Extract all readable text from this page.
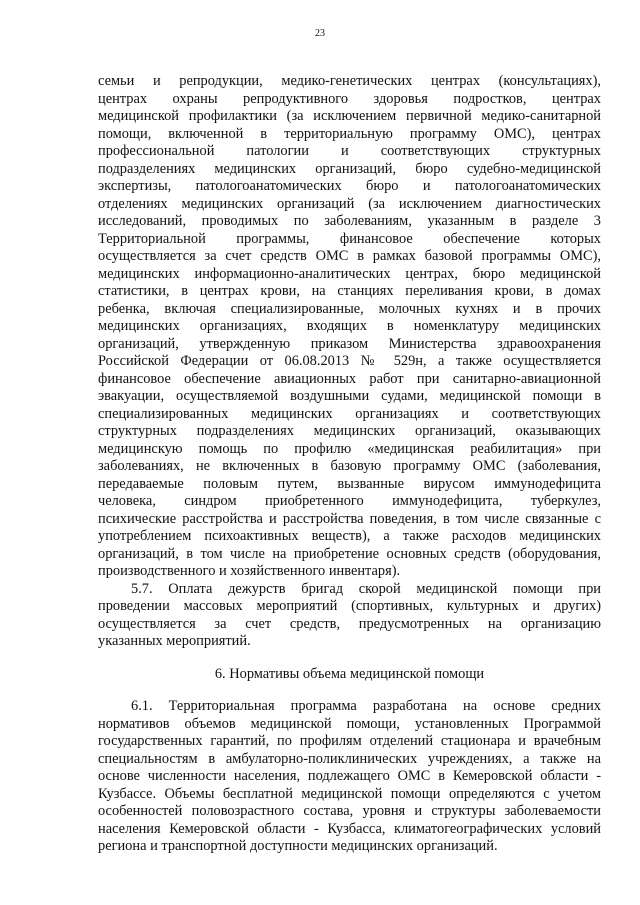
23
семьи и репродукции, медико-генетических центрах (консультациях),
центрах охраны репродуктивного здоровья подростков, центрах
медицинской профилактики (за исключением первичной медико-санитарной
помощи, включенной в территориальную программу ОМС), центрах
профессиональной патологии и соответствующих структурных
подразделениях медицинских организаций, бюро судебно-медицинской
экспертизы, патологоанатомических бюро и патологоанатомических
отделениях медицинских организаций (за исключением диагностических
исследований, проводимых по заболеваниям, указанным в разделе 3
Территориальной программы, финансовое обеспечение которых
осуществляется за счет средств ОМС в рамках базовой программы ОМС),
медицинских информационно-аналитических центрах, бюро медицинской
статистики, в центрах крови, на станциях переливания крови, в домах
ребенка, включая специализированные, молочных кухнях и в прочих
медицинских организациях, входящих в номенклатуру медицинских
организаций, утвержденную приказом Министерства здравоохранения
Российской Федерации от 06.08.2013 № 529н, а также осуществляется
финансовое обеспечение авиационных работ при санитарно-авиационной
эвакуации, осуществляемой воздушными судами, медицинской помощи в
специализированных медицинских организациях и соответствующих
структурных подразделениях медицинских организаций, оказывающих
медицинскую помощь по профилю «медицинская реабилитация» при
заболеваниях, не включенных в базовую программу ОМС (заболевания,
передаваемые половым путем, вызванные вирусом иммунодефицита
человека, синдром приобретенного иммунодефицита, туберкулез,
психические расстройства и расстройства поведения, в том числе связанные с
употреблением психоактивных веществ), а также расходов медицинских
организаций, в том числе на приобретение основных средств (оборудования,
производственного и хозяйственного инвентаря).
5.7. Оплата дежурств бригад скорой медицинской помощи при
проведении массовых мероприятий (спортивных, культурных и других)
осуществляется за счет средств, предусмотренных на организацию
указанных мероприятий.
6. Нормативы объема медицинской помощи
6.1. Территориальная программа разработана на основе средних
нормативов объемов медицинской помощи, установленных Программой
государственных гарантий, по профилям отделений стационара и врачебным
специальностям в амбулаторно-поликлинических учреждениях, а также на
основе численности населения, подлежащего ОМС в Кемеровской области -
Кузбассе. Объемы бесплатной медицинской помощи определяются с учетом
особенностей половозрастного состава, уровня и структуры заболеваемости
населения Кемеровской области - Кузбасса, климатогеографических условий
региона и транспортной доступности медицинских организаций.
